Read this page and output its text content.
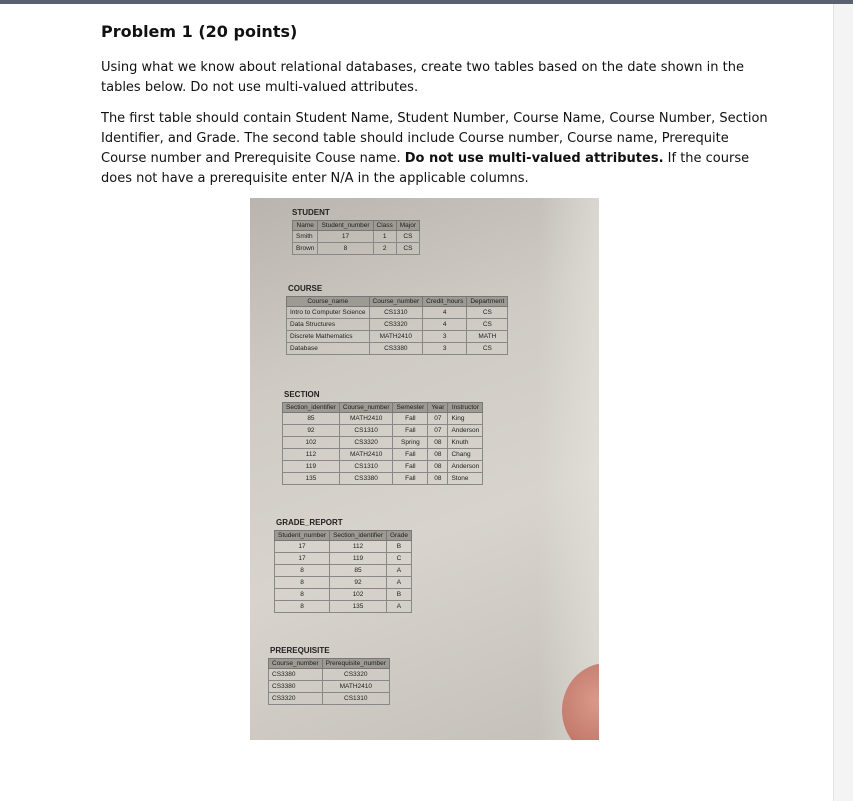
Problem 1 (20 points)

Using what we know about relational databases, create two tables based on the date shown in the tables below. Do not use multi-valued attributes.

The first table should contain Student Name, Student Number, Course Name, Course Number, Section Identifier, and Grade. The second table should include Course number, Course name, Prerequite Course number and Prerequisite Couse name. Do not use multi-valued attributes. If the course does not have a prerequisite enter N/A in the applicable columns.

STUDENT
Name	Student_number	Class	Major
Smith	17	1	CS
Brown	8	2	CS
COURSE
Course_name	Course_number	Credit_hours	Department
Intro to Computer Science	CS1310	4	CS
Data Structures	CS3320	4	CS
Discrete Mathematics	MATH2410	3	MATH
Database	CS3380	3	CS
SECTION
Section_identifier	Course_number	Semester	Year	Instructor
85	MATH2410	Fall	07	King
92	CS1310	Fall	07	Anderson
102	CS3320	Spring	08	Knuth
112	MATH2410	Fall	08	Chang
119	CS1310	Fall	08	Anderson
135	CS3380	Fall	08	Stone
GRADE_REPORT
Student_number	Section_identifier	Grade
17	112	B
17	119	C
8	85	A
8	92	A
8	102	B
8	135	A
PREREQUISITE
Course_number	Prerequisite_number
CS3380	CS3320
CS3380	MATH2410
CS3320	CS1310
